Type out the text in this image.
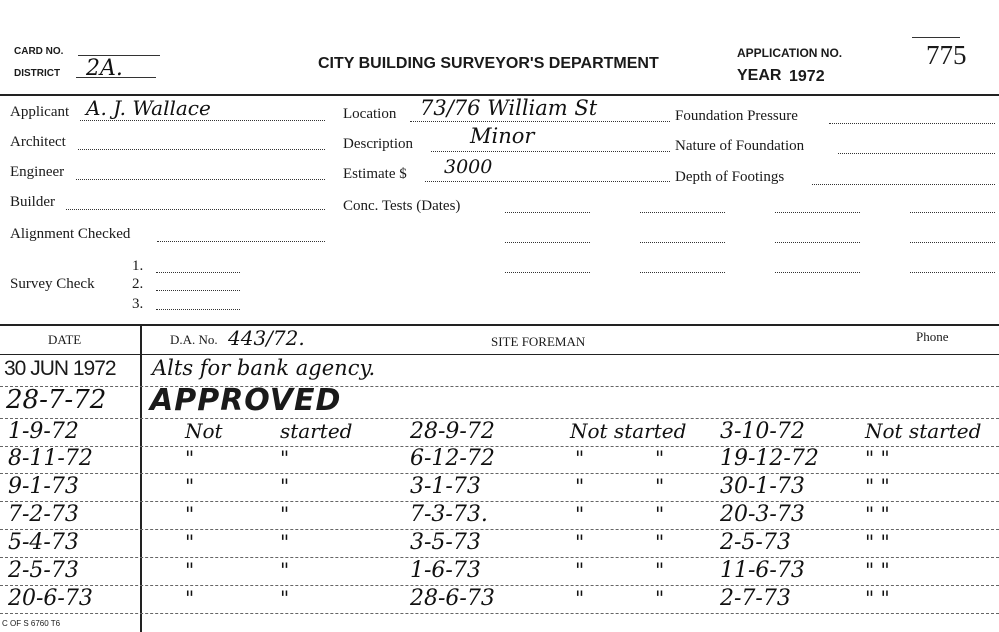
CARD NO.
DISTRICT 2A.	CITY BUILDING SURVEYOR'S DEPARTMENT
APPLICATION NO.	775
YEAR 1972
Applicant A. J. Wallace
Architect
Engineer
Builder
Alignment Checked
1.
Survey Check 2.
3.
Location 73/76 William St
Description	Minor
Estimate $ 3000
Conc. Tests (Dates)
Foundation Pressure
Nature of Foundation
Depth of Footings
DATE	D.A. No. 443/72.	SITE FOREMAN	Phone
30 JUN 1972 Alts for bank agency.
28-7-72 APPROVED
1-9-72	Not	started	28-9-72	Not started 3-10-72	Not started
8-11-72	"	"	6-12-72	"	"	19-12-72 " "
9-1-73	"	"	3-1-73	"	"	30-1-73	" "
7-2-73	"	"	7-3-73.	"	"	20-3-73	" "
5-4-73	"	"	3-5-73	"	"	2-5-73	" "
2-5-73	"	"	1-6-73	"	"	11-6-73	" "
20-6-73	"	"	28-6-73	"	"	2-7-73	" "
C OF S 6760 T6
